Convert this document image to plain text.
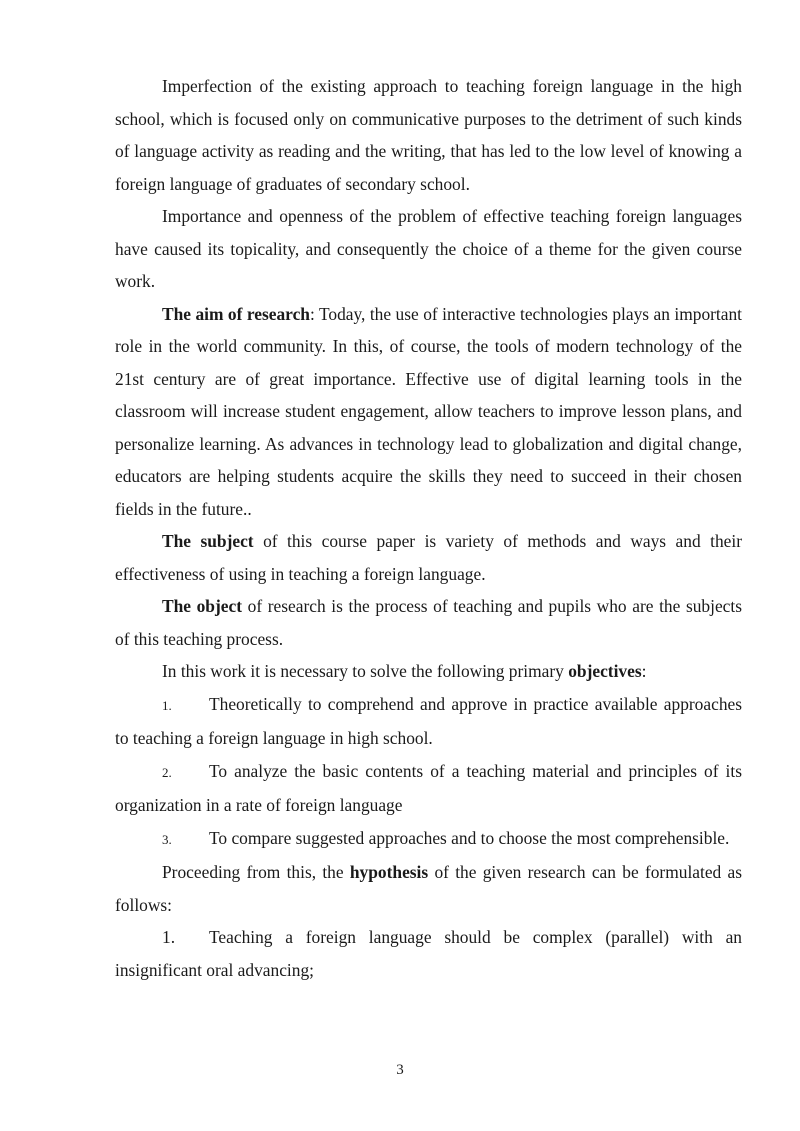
Imperfection of the existing approach to teaching foreign language in the high school, which is focused only on communicative purposes to the detriment of such kinds of language activity as reading and the writing, that has led to the low level of knowing a foreign language of graduates of secondary school.

Importance and openness of the problem of effective teaching foreign languages have caused its topicality, and consequently the choice of a theme for the given course work.

The aim of research: Today, the use of interactive technologies plays an important role in the world community. In this, of course, the tools of modern technology of the 21st century are of great importance. Effective use of digital learning tools in the classroom will increase student engagement, allow teachers to improve lesson plans, and personalize learning. As advances in technology lead to globalization and digital change, educators are helping students acquire the skills they need to succeed in their chosen fields in the future..

The subject of this course paper is variety of methods and ways and their effectiveness of using in teaching a foreign language.

The object of research is the process of teaching and pupils who are the subjects of this teaching process.

In this work it is necessary to solve the following primary objectives:

1. Theoretically to comprehend and approve in practice available approaches to teaching a foreign language in high school.

2. To analyze the basic contents of a teaching material and principles of its organization in a rate of foreign language

3. To compare suggested approaches and to choose the most comprehensible.

Proceeding from this, the hypothesis of the given research can be formulated as follows:

1. Teaching a foreign language should be complex (parallel) with an insignificant oral advancing;

3
